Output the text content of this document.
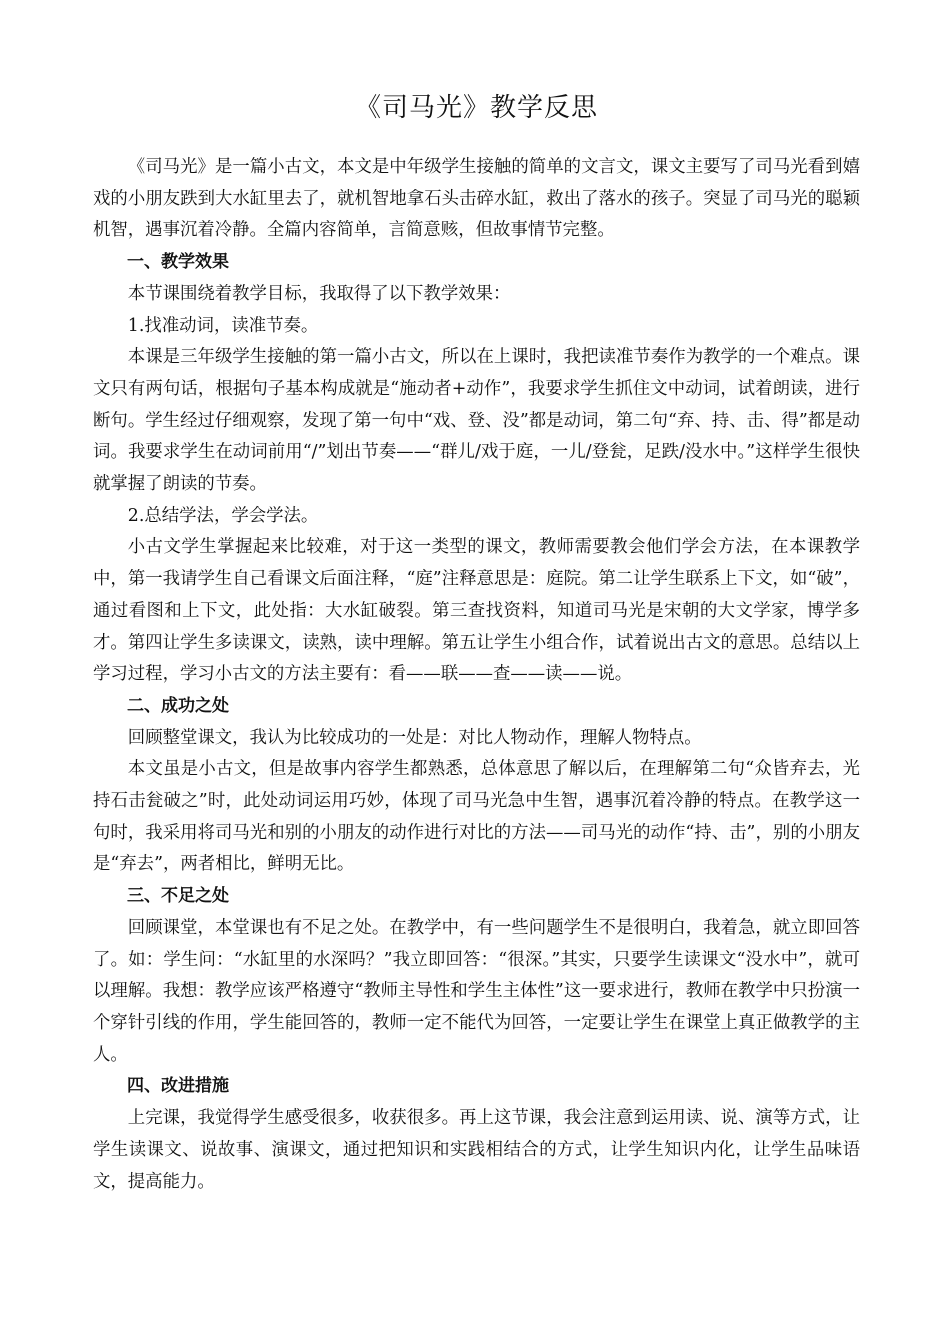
《司马光》教学反思

《司马光》是一篇小古文，本文是中年级学生接触的简单的文言文，课文主要写了司马光看到嬉戏的小朋友跌到大水缸里去了，就机智地拿石头击碎水缸，救出了落水的孩子。突显了司马光的聪颖机智，遇事沉着冷静。全篇内容简单，言简意赅，但故事情节完整。

一、教学效果

本节课围绕着教学目标，我取得了以下教学效果：

1.找准动词，读准节奏。

本课是三年级学生接触的第一篇小古文，所以在上课时，我把读准节奏作为教学的一个难点。课文只有两句话，根据句子基本构成就是“施动者+动作”，我要求学生抓住文中动词，试着朗读，进行断句。学生经过仔细观察，发现了第一句中“戏、登、没”都是动词，第二句“弃、持、击、得”都是动词。我要求学生在动词前用“/”划出节奏——“群儿/戏于庭，一儿/登瓮，足跌/没水中。”这样学生很快就掌握了朗读的节奏。

2.总结学法，学会学法。

小古文学生掌握起来比较难，对于这一类型的课文，教师需要教会他们学会方法，在本课教学中，第一我请学生自己看课文后面注释，“庭”注释意思是：庭院。第二让学生联系上下文，如“破”，通过看图和上下文，此处指：大水缸破裂。第三查找资料，知道司马光是宋朝的大文学家，博学多才。第四让学生多读课文，读熟，读中理解。第五让学生小组合作，试着说出古文的意思。总结以上学习过程，学习小古文的方法主要有：看——联——查——读——说。

二、成功之处

回顾整堂课文，我认为比较成功的一处是：对比人物动作，理解人物特点。

本文虽是小古文，但是故事内容学生都熟悉，总体意思了解以后，在理解第二句“众皆弃去，光持石击瓮破之”时，此处动词运用巧妙，体现了司马光急中生智，遇事沉着冷静的特点。在教学这一句时，我采用将司马光和别的小朋友的动作进行对比的方法——司马光的动作“持、击”，别的小朋友是“弃去”，两者相比，鲜明无比。

三、不足之处

回顾课堂，本堂课也有不足之处。在教学中，有一些问题学生不是很明白，我着急，就立即回答了。如：学生问：“水缸里的水深吗？”我立即回答：“很深。”其实，只要学生读课文“没水中”，就可以理解。我想：教学应该严格遵守“教师主导性和学生主体性”这一要求进行，教师在教学中只扮演一个穿针引线的作用，学生能回答的，教师一定不能代为回答，一定要让学生在课堂上真正做教学的主人。

四、改进措施

上完课，我觉得学生感受很多，收获很多。再上这节课，我会注意到运用读、说、演等方式，让学生读课文、说故事、演课文，通过把知识和实践相结合的方式，让学生知识内化，让学生品味语文，提高能力。
